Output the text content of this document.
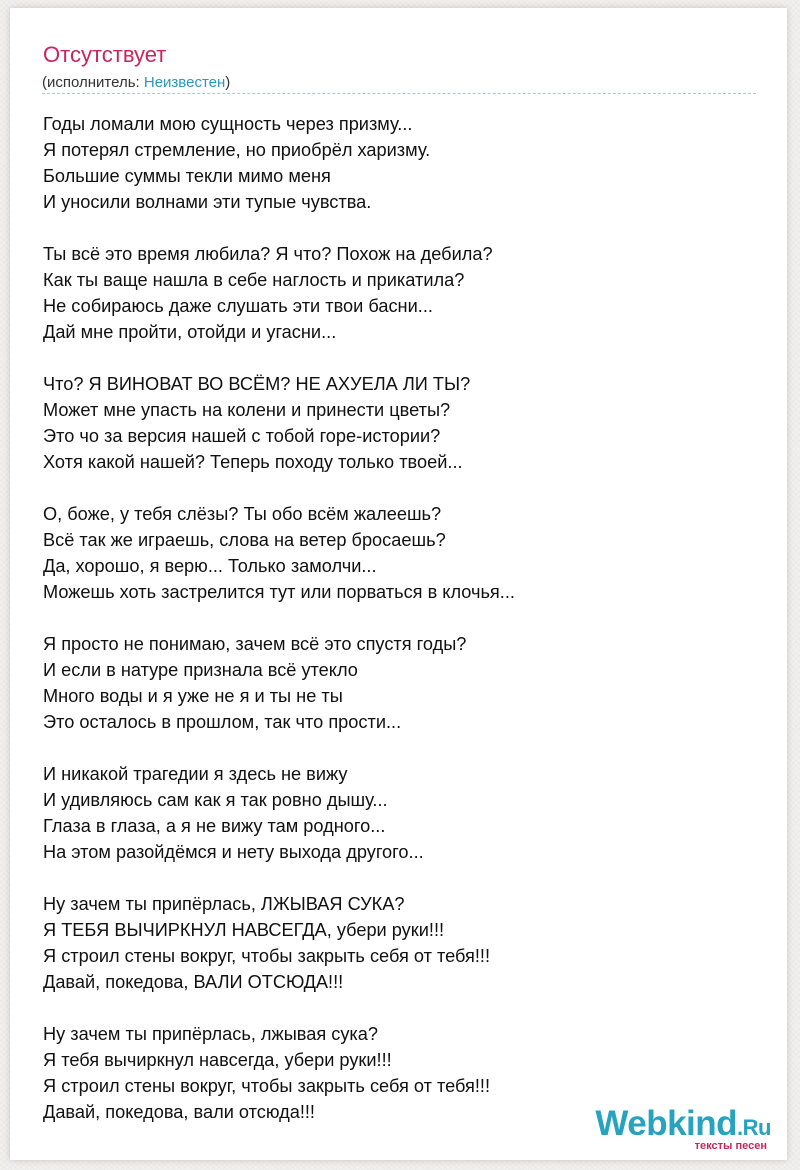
Отсутствует
(исполнитель: Неизвестен)
Годы ломали мою сущность через призму...
Я потерял стремление, но приобрёл харизму.
Большие суммы текли мимо меня
И уносили волнами эти тупые чувства.
Ты всё это время любила? Я что? Похож на дебила?
Как ты ваще нашла в себе наглость и прикатила?
Не собираюсь даже слушать эти твои басни...
Дай мне пройти, отойди и угасни...
Что? Я ВИНОВАТ ВО ВСЁМ? НЕ АХУЕЛА ЛИ ТЫ?
Может мне упасть на колени и принести цветы?
Это чо за версия нашей с тобой горе-истории?
Хотя какой нашей? Теперь походу только твоей...
О, боже, у тебя слёзы? Ты обо всём жалеешь?
Всё так же играешь, слова на ветер бросаешь?
Да, хорошо, я верю... Только замолчи...
Можешь хоть застрелится тут или порваться в клочья...
Я просто не понимаю, зачем всё это спустя годы?
И если в натуре признала всё утекло
Много воды и я уже не я и ты не ты
Это осталось в прошлом, так что прости...
И никакой трагедии я здесь не вижу
И удивляюсь сам как я так ровно дышу...
Глаза в глаза, а я не вижу там родного...
На этом разойдёмся и нету выхода другого...
Ну зачем ты припёрлась, ЛЖЫВАЯ СУКА?
Я ТЕБЯ ВЫЧИРКНУЛ НАВСЕГДА, убери руки!!!
Я строил стены вокруг, чтобы закрыть себя от тебя!!!
Давай, покедова, ВАЛИ ОТСЮДА!!!
Ну зачем ты припёрлась, лжывая сука?
Я тебя вычиркнул навсегда, убери руки!!!
Я строил стены вокруг, чтобы закрыть себя от тебя!!!
Давай, покедова, вали отсюда!!!	Webkind.Ru
тексты песен
